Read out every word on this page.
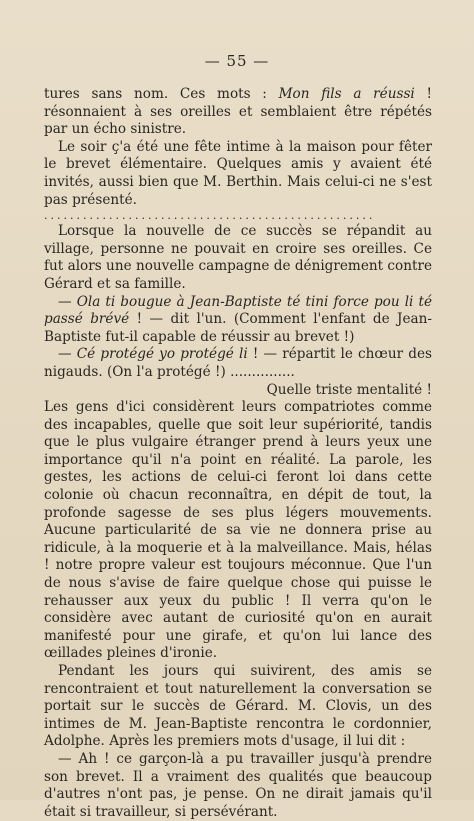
— 55 —

tures sans nom. Ces mots : Mon fils a réussi ! résonnaient à ses oreilles et semblaient être répétés par un écho sinistre.

Le soir ç'a été une fête intime à la maison pour fêter le brevet élémentaire. Quelques amis y avaient été invités, aussi bien que M. Berthin. Mais celui-ci ne s'est pas présenté.

...................................................

Lorsque la nouvelle de ce succès se répandit au village, personne ne pouvait en croire ses oreilles. Ce fut alors une nouvelle campagne de dénigrement contre Gérard et sa famille.

— Ola ti bougue à Jean-Baptiste té tini force pou li té passé brévé ! — dit l'un. (Comment l'enfant de Jean-Baptiste fut-il capable de réussir au brevet !)

— Cé protégé yo protégé li ! — répartit le chœur des nigauds. (On l'a protégé !) ...............

Quelle triste mentalité !

Les gens d'ici considèrent leurs compatriotes comme des incapables, quelle que soit leur supériorité, tandis que le plus vulgaire étranger prend à leurs yeux une importance qu'il n'a point en réalité. La parole, les gestes, les actions de celui-ci feront loi dans cette colonie où chacun reconnaîtra, en dépit de tout, la profonde sagesse de ses plus légers mouvements. Aucune particularité de sa vie ne donnera prise au ridicule, à la moquerie et à la malveillance. Mais, hélas ! notre propre valeur est toujours méconnue. Que l'un de nous s'avise de faire quelque chose qui puisse le rehausser aux yeux du public ! Il verra qu'on le considère avec autant de curiosité qu'on en aurait manifesté pour une girafe, et qu'on lui lance des œillades pleines d'ironie.

Pendant les jours qui suivirent, des amis se rencontraient et tout naturellement la conversation se portait sur le succès de Gérard. M. Clovis, un des intimes de M. Jean-Baptiste rencontra le cordonnier, Adolphe. Après les premiers mots d'usage, il lui dit :

— Ah ! ce garçon-là a pu travailler jusqu'à prendre son brevet. Il a vraiment des qualités que beaucoup d'autres n'ont pas, je pense. On ne dirait jamais qu'il était si travailleur, si persévérant.
